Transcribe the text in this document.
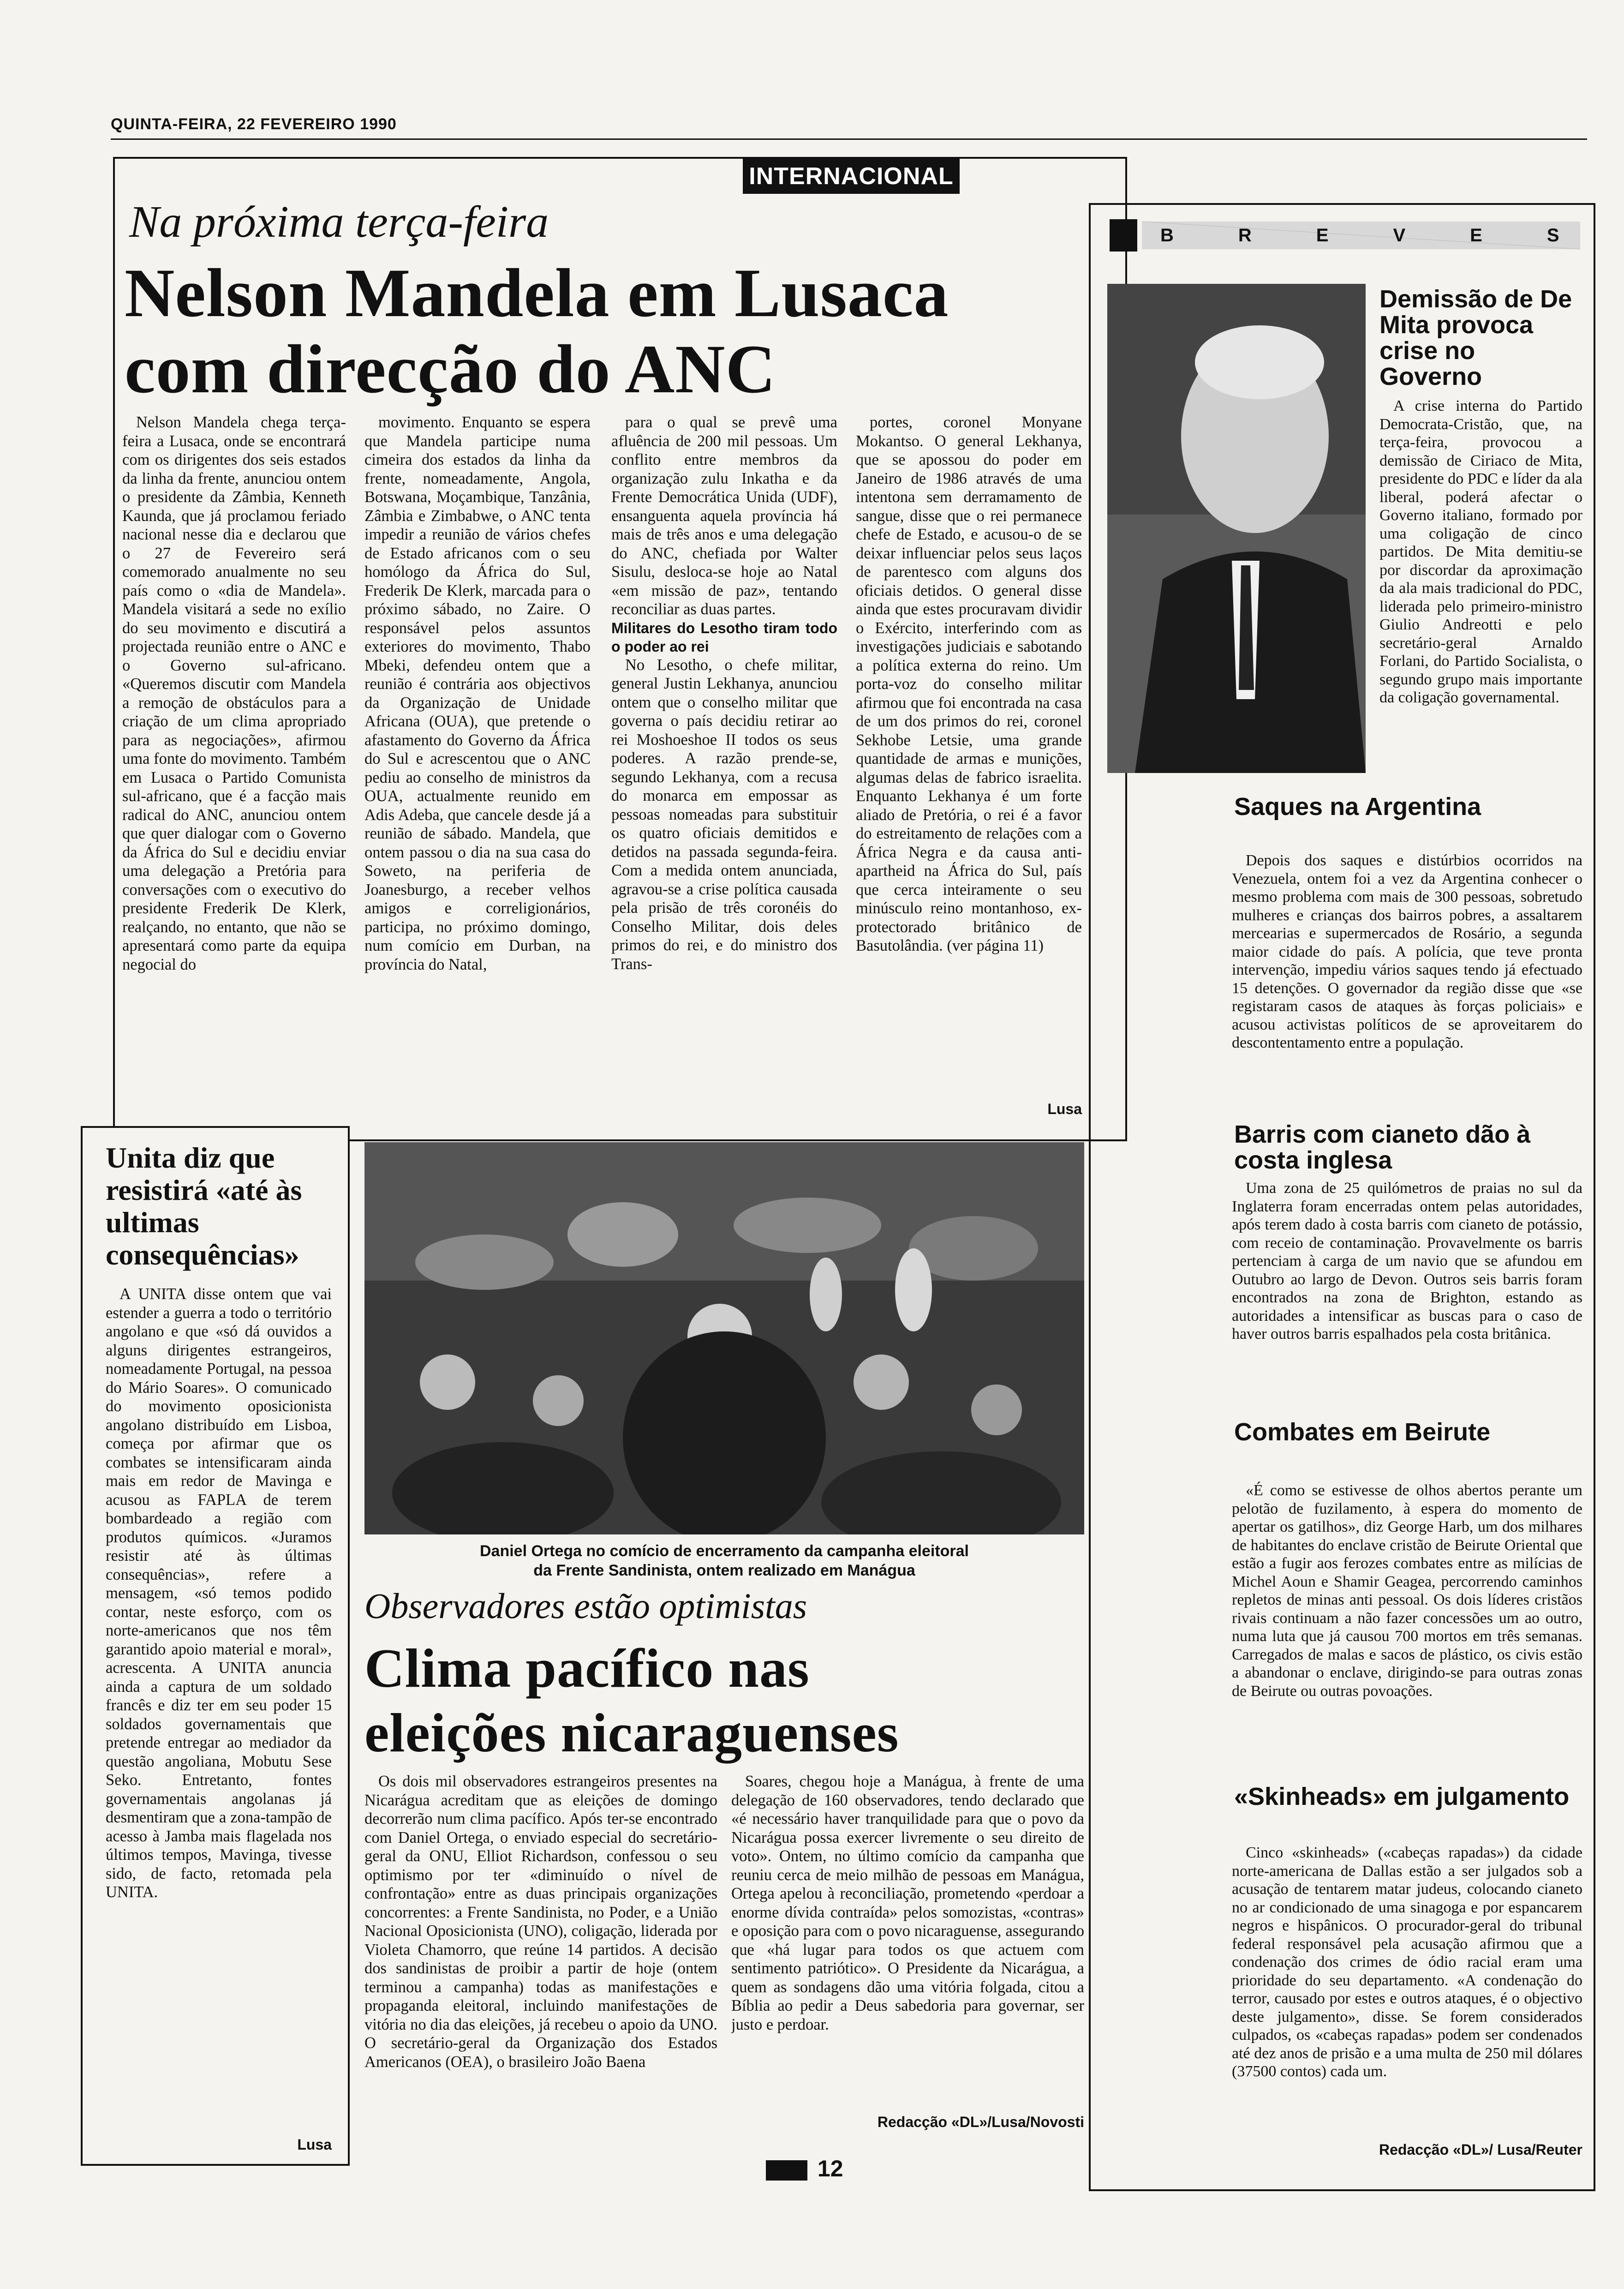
QUINTA-FEIRA, 22 FEVEREIRO 1990
INTERNACIONAL
Na próxima terça-feira
Nelson Mandela em Lusaca
com direcção do ANC

Nelson Mandela chega terça-feira a Lusaca, onde se encontrará com os dirigentes dos seis estados da linha da frente, anunciou ontem o presidente da Zâmbia, Kenneth Kaunda, que já proclamou feriado nacional nesse dia e declarou que o 27 de Fevereiro será comemorado anualmente no seu país como o «dia de Mandela». Mandela visitará a sede no exílio do seu movimento e discutirá a projectada reunião entre o ANC e o Governo sul-africano. «Queremos discutir com Mandela a remoção de obstáculos para a criação de um clima apropriado para as negociações», afirmou uma fonte do movimento. Também em Lusaca o Partido Comunista sul-africano, que é a facção mais radical do ANC, anunciou ontem que quer dialogar com o Governo da África do Sul e decidiu enviar uma delegação a Pretória para conversações com o executivo do presidente Frederik De Klerk, realçando, no entanto, que não se apresentará como parte da equipa negocial do

movimento. Enquanto se espera que Mandela participe numa cimeira dos estados da linha da frente, nomeadamente, Angola, Botswana, Moçambique, Tanzânia, Zâmbia e Zimbabwe, o ANC tenta impedir a reunião de vários chefes de Estado africanos com o seu homólogo da África do Sul, Frederik De Klerk, marcada para o próximo sábado, no Zaire. O responsável pelos assuntos exteriores do movimento, Thabo Mbeki, defendeu ontem que a reunião é contrária aos objectivos da Organização de Unidade Africana (OUA), que pretende o afastamento do Governo da África do Sul e acrescentou que o ANC pediu ao conselho de ministros da OUA, actualmente reunido em Adis Adeba, que cancele desde já a reunião de sábado. Mandela, que ontem passou o dia na sua casa do Soweto, na periferia de Joanesburgo, a receber velhos amigos e correligionários, participa, no próximo domingo, num comício em Durban, na província do Natal,

para o qual se prevê uma afluência de 200 mil pessoas. Um conflito entre membros da organização zulu Inkatha e da Frente Democrática Unida (UDF), ensanguenta aquela província há mais de três anos e uma delegação do ANC, chefiada por Walter Sisulu, desloca-se hoje ao Natal «em missão de paz», tentando reconciliar as duas partes.

Militares do Lesotho tiram todo o poder ao rei

No Lesotho, o chefe militar, general Justin Lekhanya, anunciou ontem que o conselho militar que governa o país decidiu retirar ao rei Moshoeshoe II todos os seus poderes. A razão prende-se, segundo Lekhanya, com a recusa do monarca em empossar as pessoas nomeadas para substituir os quatro oficiais demitidos e detidos na passada segunda-feira. Com a medida ontem anunciada, agravou-se a crise política causada pela prisão de três coronéis do Conselho Militar, dois deles primos do rei, e do ministro dos Trans-

portes, coronel Monyane Mokantso. O general Lekhanya, que se apossou do poder em Janeiro de 1986 através de uma intentona sem derramamento de sangue, disse que o rei permanece chefe de Estado, e acusou-o de se deixar influenciar pelos seus laços de parentesco com alguns dos oficiais detidos. O general disse ainda que estes procuravam dividir o Exército, interferindo com as investigações judiciais e sabotando a política externa do reino. Um porta-voz do conselho militar afirmou que foi encontrada na casa de um dos primos do rei, coronel Sekhobe Letsie, uma grande quantidade de armas e munições, algumas delas de fabrico israelita. Enquanto Lekhanya é um forte aliado de Pretória, o rei é a favor do estreitamento de relações com a África Negra e da causa anti-apartheid na África do Sul, país que cerca inteiramente o seu minúsculo reino montanhoso, ex-protectorado britânico de Basutolândia. (ver página 11)

Lusa
Unita diz que resistirá «até às ultimas consequências»

A UNITA disse ontem que vai estender a guerra a todo o território angolano e que «só dá ouvidos a alguns dirigentes estrangeiros, nomeadamente Portugal, na pessoa do Mário Soares». O comunicado do movimento oposicionista angolano distribuído em Lisboa, começa por afirmar que os combates se intensificaram ainda mais em redor de Mavinga e acusou as FAPLA de terem bombardeado a região com produtos químicos. «Juramos resistir até às últimas consequências», refere a mensagem, «só temos podido contar, neste esforço, com os norte-americanos que nos têm garantido apoio material e moral», acrescenta. A UNITA anuncia ainda a captura de um soldado francês e diz ter em seu poder 15 soldados governamentais que pretende entregar ao mediador da questão angoliana, Mobutu Sese Seko. Entretanto, fontes governamentais angolanas já desmentiram que a zona-tampão de acesso à Jamba mais flagelada nos últimos tempos, Mavinga, tivesse sido, de facto, retomada pela UNITA.

Lusa
Daniel Ortega no comício de encerramento da campanha eleitoral
da Frente Sandinista, ontem realizado em Manágua
Observadores estão optimistas
Clima pacífico nas
eleições nicaraguenses

Os dois mil observadores estrangeiros presentes na Nicarágua acreditam que as eleições de domingo decorrerão num clima pacífico. Após ter-se encontrado com Daniel Ortega, o enviado especial do secretário-geral da ONU, Elliot Richardson, confessou o seu optimismo por ter «diminuído o nível de confrontação» entre as duas principais organizações concorrentes: a Frente Sandinista, no Poder, e a União Nacional Oposicionista (UNO), coligação, liderada por Violeta Chamorro, que reúne 14 partidos. A decisão dos sandinistas de proibir a partir de hoje (ontem terminou a campanha) todas as manifestações e propaganda eleitoral, incluindo manifestações de vitória no dia das eleições, já recebeu o apoio da UNO. O secretário-geral da Organização dos Estados Americanos (OEA), o brasileiro João Baena

Soares, chegou hoje a Manágua, à frente de uma delegação de 160 observadores, tendo declarado que «é necessário haver tranquilidade para que o povo da Nicarágua possa exercer livremente o seu direito de voto». Ontem, no último comício da campanha que reuniu cerca de meio milhão de pessoas em Manágua, Ortega apelou à reconciliação, prometendo «perdoar a enorme dívida contraída» pelos somozistas, «contras» e oposição para com o povo nicaraguense, assegurando que «há lugar para todos os que actuem com sentimento patriótico». O Presidente da Nicarágua, a quem as sondagens dão uma vitória folgada, citou a Bíblia ao pedir a Deus sabedoria para governar, ser justo e perdoar.

Redacção «DL»/Lusa/Novosti
BREVES
Demissão de De Mita provoca crise no Governo

A crise interna do Partido Democrata-Cristão, que, na terça-feira, provocou a demissão de Ciriaco de Mita, presidente do PDC e líder da ala liberal, poderá afectar o Governo italiano, formado por uma coligação de cinco partidos. De Mita demitiu-se por discordar da aproximação da ala mais tradicional do PDC, liderada pelo primeiro-ministro Giulio Andreotti e pelo secretário-geral Arnaldo Forlani, do Partido Socialista, o segundo grupo mais importante da coligação governamental.

Saques na Argentina

Depois dos saques e distúrbios ocorridos na Venezuela, ontem foi a vez da Argentina conhecer o mesmo problema com mais de 300 pessoas, sobretudo mulheres e crianças dos bairros pobres, a assaltarem mercearias e supermercados de Rosário, a segunda maior cidade do país. A polícia, que teve pronta intervenção, impediu vários saques tendo já efectuado 15 detenções. O governador da região disse que «se registaram casos de ataques às forças policiais» e acusou activistas políticos de se aproveitarem do descontentamento entre a população.

Barris com cianeto dão à costa inglesa

Uma zona de 25 quilómetros de praias no sul da Inglaterra foram encerradas ontem pelas autoridades, após terem dado à costa barris com cianeto de potássio, com receio de contaminação. Provavelmente os barris pertenciam à carga de um navio que se afundou em Outubro ao largo de Devon. Outros seis barris foram encontrados na zona de Brighton, estando as autoridades a intensificar as buscas para o caso de haver outros barris espalhados pela costa britânica.

Combates em Beirute

«É como se estivesse de olhos abertos perante um pelotão de fuzilamento, à espera do momento de apertar os gatilhos», diz George Harb, um dos milhares de habitantes do enclave cristão de Beirute Oriental que estão a fugir aos ferozes combates entre as milícias de Michel Aoun e Shamir Geagea, percorrendo caminhos repletos de minas anti pessoal. Os dois líderes cristãos rivais continuam a não fazer concessões um ao outro, numa luta que já causou 700 mortos em três semanas. Carregados de malas e sacos de plástico, os civis estão a abandonar o enclave, dirigindo-se para outras zonas de Beirute ou outras povoações.

«Skinheads» em julgamento

Cinco «skinheads» («cabeças rapadas») da cidade norte-americana de Dallas estão a ser julgados sob a acusação de tentarem matar judeus, colocando cianeto no ar condicionado de uma sinagoga e por espancarem negros e hispânicos. O procurador-geral do tribunal federal responsável pela acusação afirmou que a condenação dos crimes de ódio racial eram uma prioridade do seu departamento. «A condenação do terror, causado por estes e outros ataques, é o objectivo deste julgamento», disse. Se forem considerados culpados, os «cabeças rapadas» podem ser condenados até dez anos de prisão e a uma multa de 250 mil dólares (37500 contos) cada um.

Redacção «DL»/ Lusa/Reuter
12
